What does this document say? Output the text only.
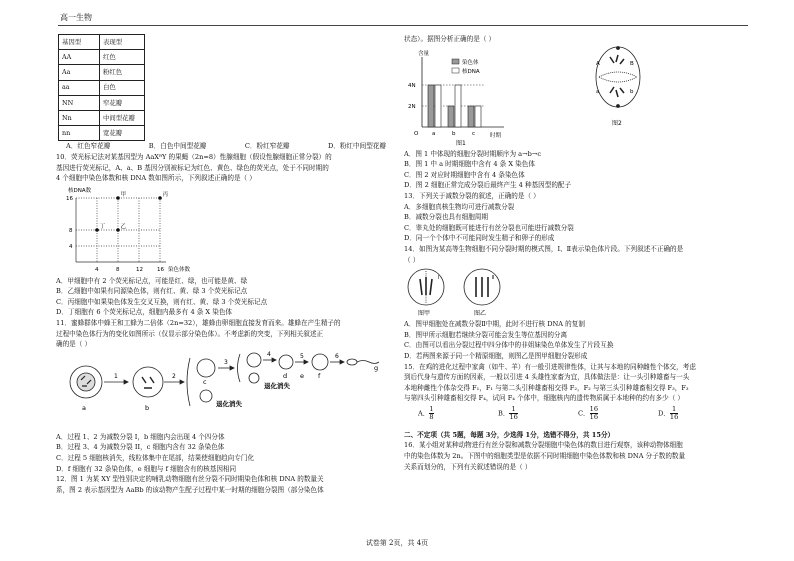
高一生物
基因型	表现型
AA	红色
Aa	粉红色
aa	白色
NN	窄花瓣
Nn	中间型花瓣
nn	宽花瓣
A．红色窄花瓣	B．白色中间型花瓣	C．粉红窄花瓣	D．粉红中间型花瓣
10．荧光标记法对某基因型为 AaXᴮY 的果蝇（2n=8）性腺细胞（假设性腺细胞正常分裂）的
基因进行荧光标记，A、a、B 基因分别被标记为红色、黄色、绿色的荧光点，处于不同时期的
4 个细胞中染色体数和核 DNA 数如图所示，下列叙述正确的是（ ）
核DNA数
16
8
4
4	8	12	16 染色体数
甲
乙
丙
丁
A．甲细胞中有 2 个荧光标记点，可能是红、绿，也可能是黄、绿
B．乙细胞中如果有同源染色体，则有红、黄、绿 3 个荧光标记点
C．丙细胞中如果染色体发生交叉互换，则有红、黄、绿 3 个荧光标记点
D．丁细胞有 6 个荧光标记点，细胞内最多有 4 条 X 染色体
11．蜜蜂群体中蜂王和工蜂为二倍体（2n=32），雄蜂由卵细胞直接发育而来。雄蜂在产生精子的
过程中染色体行为的变化如图所示（仅显示部分染色体）。不考虑新的突变，下列相关叙述正
确的是（ ）
1	2
3
4	5	6
a	b
c
d e f
g
退化消失
退化消失
A．过程 1、2 为减数分裂 I，b 细胞内会出现 4 个四分体
B．过程 3、4 为减数分裂 II，c 细胞内含有 32 条染色体
C．过程 5 细胞核消失，线粒体集中在尾部，结果使细胞趋向专门化
D．f 细胞有 32 条染色体，e 细胞与 f 细胞含有的核基因相同
12．图 1 为某 XY 型性别决定的哺乳动物细胞有丝分裂不同时期染色体和核 DNA 的数量关
系，图 2 表示基因型为 AaBb 的该动物产生配子过程中某一时期的细胞分裂图（部分染色体
状态）。据图分析正确的是（ ）
含量
4N
2N
O
染色体
核DNA
a	b	c	时期
图1
A	B
b
a
图2
A．图 1 中体现的细胞分裂时期顺序为 a→b→c
B．图 1 中 a 时期细胞中含有 4 条 X 染色体
C．图 2 对应时期细胞中含有 4 条染色体
D．图 2 细胞正常完成分裂后最终产生 4 种基因型的配子
13．下列关于减数分裂的叙述，正确的是（ ）
A．多细胞真核生物均可进行减数分裂
B．减数分裂也具有细胞周期
C．睾丸处的细胞既可能进行有丝分裂也可能进行减数分裂
D．同一个个体中不可能同时发生精子和卵子的形成
14．如图为某高等生物细胞不同分裂时期的模式图，Ⅰ、Ⅱ表示染色体片段。下列叙述不正确的是
（ ）
Ⅰ	Ⅱ
图甲	图乙
A．图甲细胞处在减数分裂Ⅱ中期，此时不进行核 DNA 的复制
B．图甲所示细胞若继续分裂可能会发生等位基因的分离
C．由图可以看出分裂过程中四分体中的非姐妹染色单体发生了片段互换
D．若两图来源于同一个精原细胞，则图乙是图甲细胞分裂形成
15．在鸡的进化过程中家禽（如牛、羊）有一般引进规律性体，让其与本地的同种雌性个体交，考虑
到后代身与遗传方面的因素，一般以引进 4 头雄性家畜为宜，具体做法是：让一头引种雄畜与一头
本地种雌性个体杂交得 F₁，F₁ 与第二头引种雄畜相交得 F₂，F₂ 与第三头引种雄畜相交得 F₃，F₃
与第四头引种雄畜相交得 F₄，试问 F₄ 个体中，细胞核内的遗传物质属于本地种的约有多少（ ）
A． $\frac{1}{8}$	B． $\frac{1}{16}$	C． $\frac{16}{16}$	D． $\frac{1}{16}$
二、不定项（共 5题，每题 3分，少选得 1分，选错不得分，共 15分）
16．某小组对某种动物进行有丝分裂和减数分裂细胞中染色体的数目进行观察，该种动物体细胞
中的染色体数为 2n。下图中的细胞类型是依据不同时期细胞中染色体数和核 DNA 分子数的数量
关系而划分的，下列有关叙述错误的是（ ）
试卷第 2页，共 4页
